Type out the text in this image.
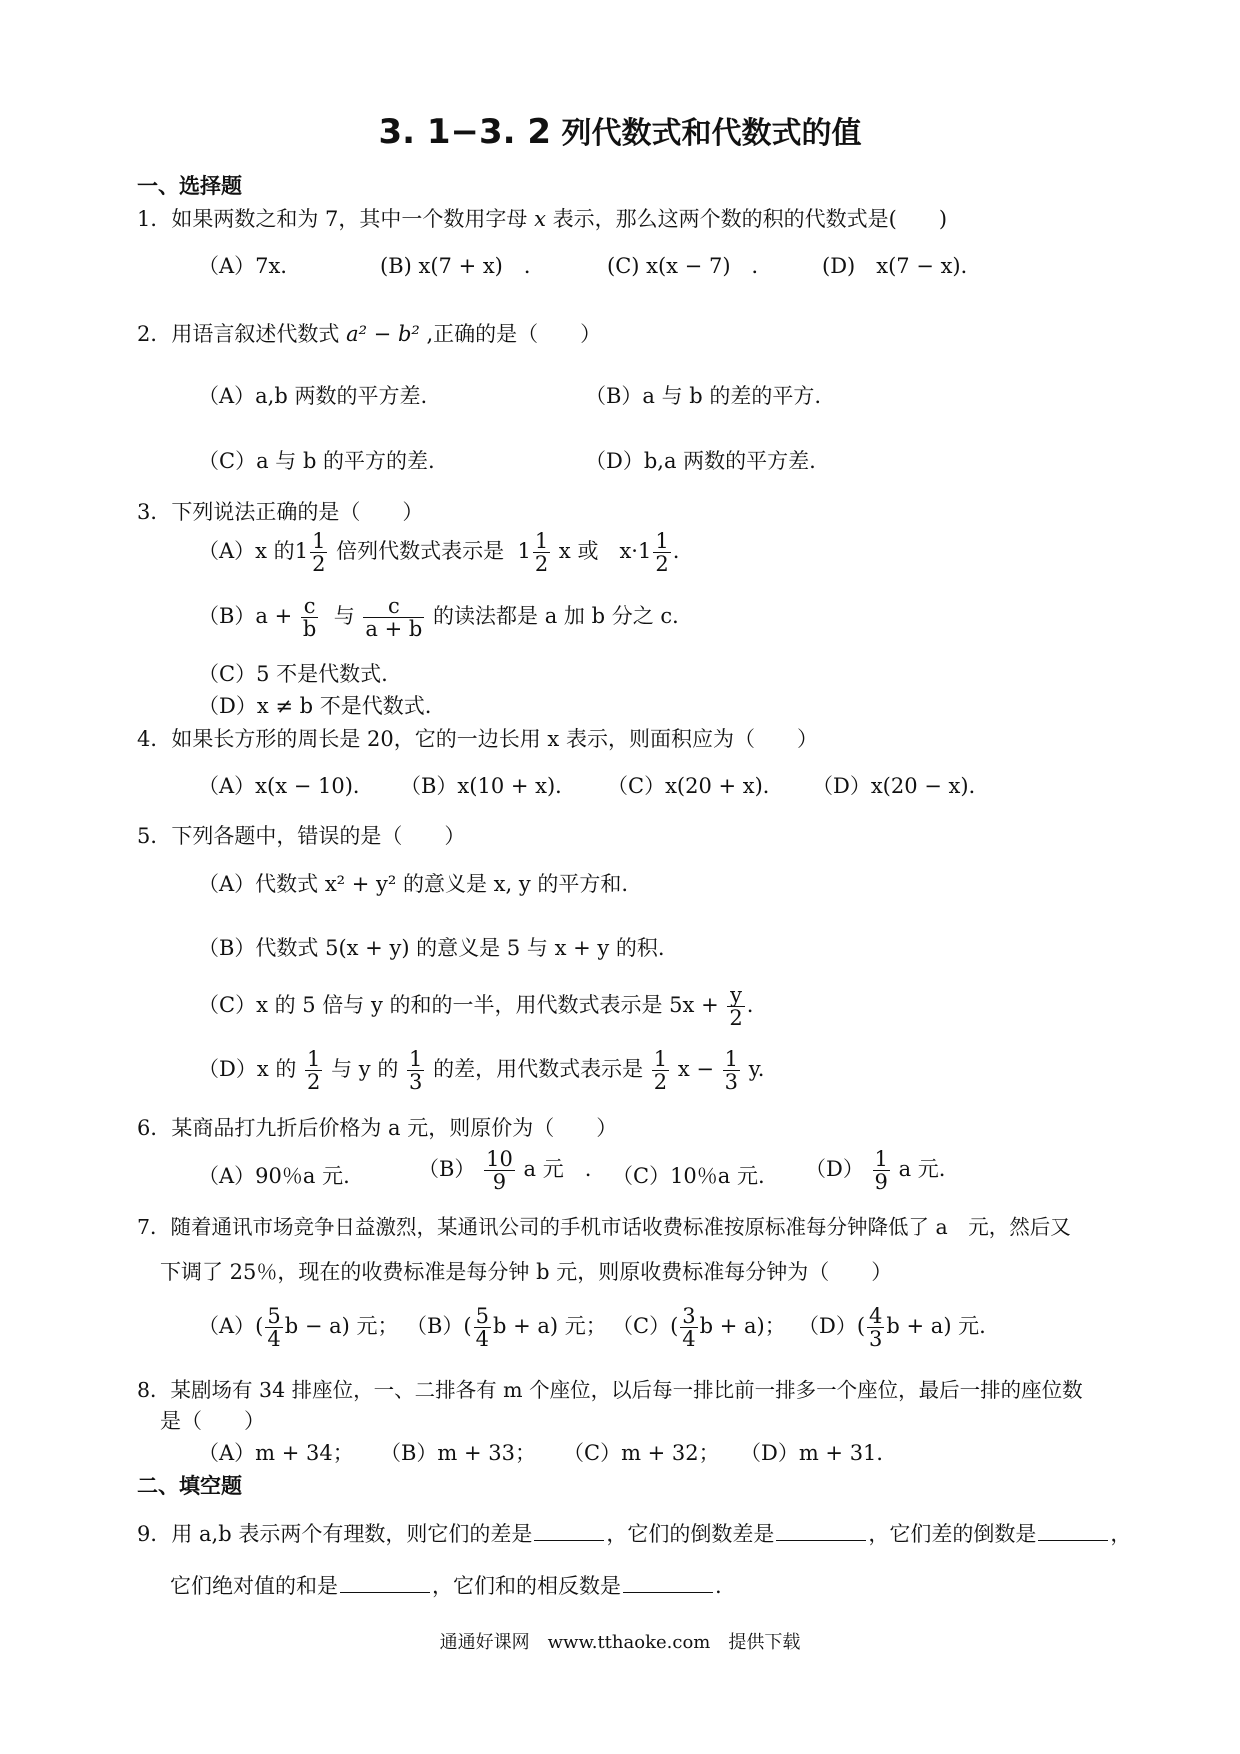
3. 1−3. 2 列代数式和代数式的值
一、选择题
1．如果两数之和为 7，其中一个数用字母 x 表示，那么这两个数的积的代数式是(　　)
（A）7x．	(B) x(7 + x)　．	(C) x(x − 7)　． (D)　x(7 − x)．
2．用语言叙述代数式 a² − b² ,正确的是（　　）
（A）a,b 两数的平方差.	（B）a 与 b 的差的平方.
（C）a 与 b 的平方的差.	（D）b,a 两数的平方差.
3．下列说法正确的是（　　）
（A）x 的$1 \frac{1}{2}$ 倍列代数式表示是 $1 \frac{1}{2}$ x 或　$x\cdot 1 \frac{1}{2}$ .
$(B)a + \frac{c}{b}$ 与 $\frac{c}{a + b}$ 的读法都是 a 加 b 分之 c．
（C）5 不是代数式.
（D）x ≠ b 不是代数式.
4．如果长方形的周长是 20，它的一边长用 x 表示，则面积应为（　　）
（A）x(x − 10)． （B）x(10 + x)． （C）x(20 + x)． （D）x(20 − x)．
5．下列各题中，错误的是（　　）
（A）代数式 x² + y² 的意义是 x, y 的平方和.
（B）代数式 5(x + y) 的意义是 5 与 x + y 的积.
（C）x 的 5 倍与 y 的和的一半，用代数式表示是 $5x + \frac{y}{2}$ .
（D）x 的 $\frac{1}{2}$ 与 y 的 $\frac{1}{3}$ 的差，用代数式表示是 $\frac{1}{2}$ $x - \frac{1}{3} y$.
6．某商品打九折后价格为 a 元，则原价为（　　）
（A）90％a 元.	$(B) \frac{10}{9}$ a 元　. （C）10％a 元. $(D) \frac{1}{9}$ a 元.
7．随着通讯市场竞争日益激烈，某通讯公司的手机市话收费标准按原标准每分钟降低了 a　元，然后又
下调了 25％，现在的收费标准是每分钟 b 元，则原收费标准每分钟为（　　）
$(A)( \frac{5}{4}$ b − a) 元； $(B)( \frac{5}{4}$ b + a) 元； $(C)( \frac{3}{4}$ b + a)； $(D)( \frac{4}{3}$ b + a) 元.
8．某剧场有 34 排座位，一、二排各有 m 个座位，以后每一排比前一排多一个座位，最后一排的座位数
是（　　）
（A）m + 34； （B）m + 33； （C）m + 32； （D）m + 31．
二、填空题
9．用 a,b 表示两个有理数，则它们的差是	，它们的倒数差是	，它们差的倒数是	，
它们绝对值的和是	，它们和的相反数是	.
通通好课网　www.tthaoke.com　提供下载
